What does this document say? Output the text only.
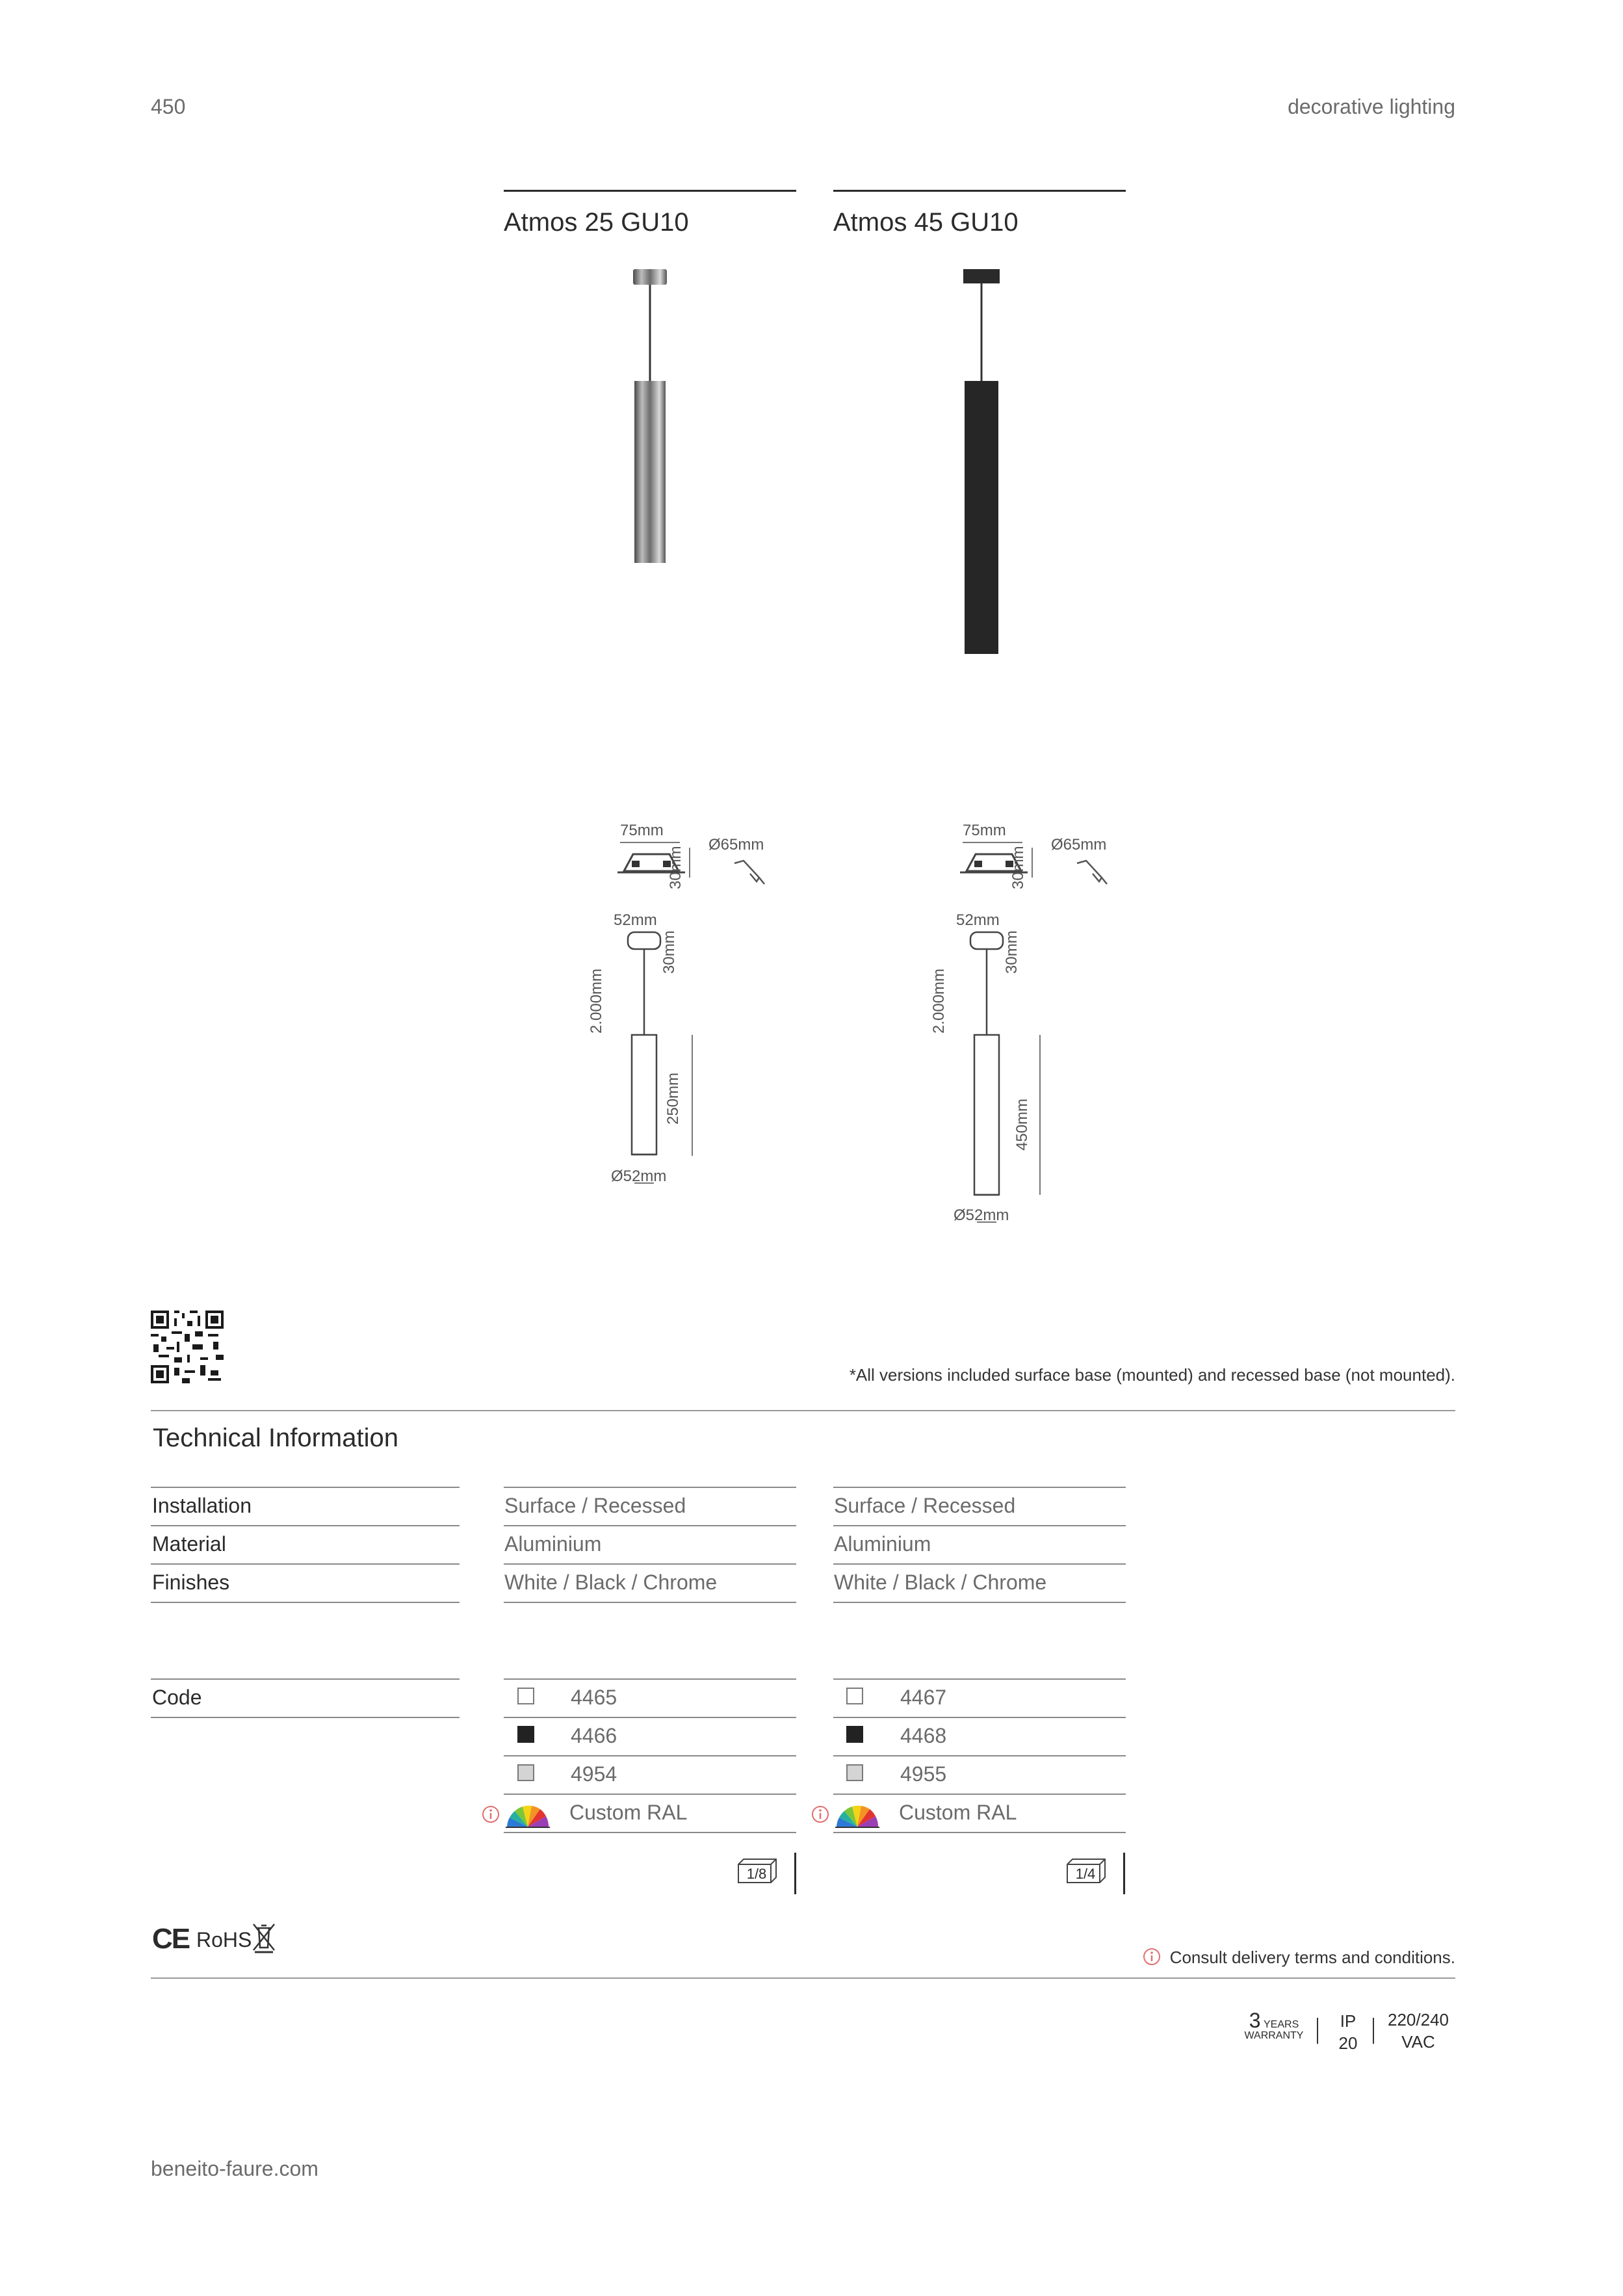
450	decorative lighting
Atmos 25 GU10	Atmos 45 GU10
75mm
30mm
Ø65mm
52mm
30mm
2.000mm
250mm
Ø52mm
75mm
30mm
Ø65mm
52mm
30mm
2.000mm
450mm
Ø52mm
*All versions included surface base (mounted) and recessed base (not mounted).
Technical Information
Installation
Material
Finishes
Code
Surface / Recessed
Aluminium
White / Black / Chrome
4465
4466
4954
Custom RAL
1/8
Surface / Recessed
Aluminium
White / Black / Chrome
4467
4468
4955
Custom RAL
1/4
CE RoHS
Consult delivery terms and conditions.
3 YEARS
WARRANTY
IP
20
220/240
VAC
beneito-faure.com
